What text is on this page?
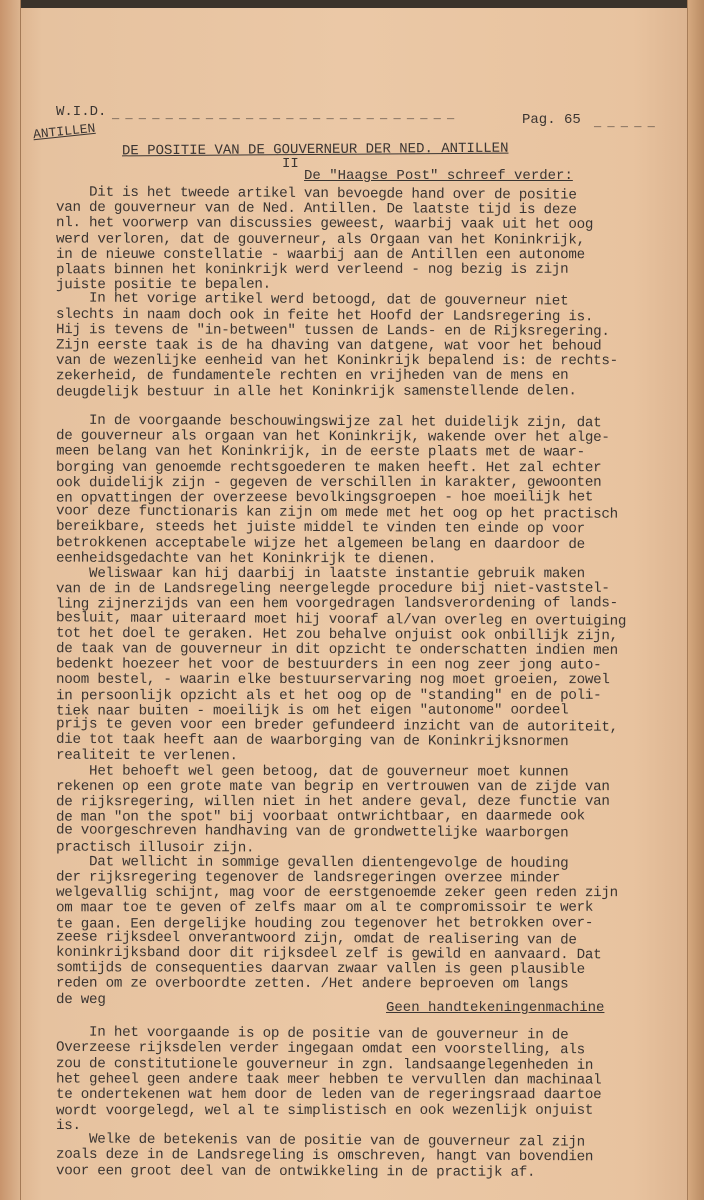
W.I.D. _ _ _ _ _ _ _ _ _ _ _ _ _ _ _ _ _ _ _ _ _ _ _ _ _ _	Pag. 65 _ _ _ _ _
ANTILLEN
DE POSITIE VAN DE GOUVERNEUR DER NED. ANTILLEN
II
De "Haagse Post" schreef verder:
Dit is het tweede artikel van bevoegde hand over de positie
van de gouverneur van de Ned. Antillen. De laatste tijd is deze
nl. het voorwerp van discussies geweest, waarbij vaak uit het oog
werd verloren, dat de gouverneur, als Orgaan van het Koninkrijk,
in de nieuwe constellatie - waarbij aan de Antillen een autonome
plaats binnen het koninkrijk werd verleend - nog bezig is zijn
juiste positie te bepalen.
In het vorige artikel werd betoogd, dat de gouverneur niet
slechts in naam doch ook in feite het Hoofd der Landsregering is.
Hij is tevens de "in-between" tussen de Lands- en de Rijksregering.
Zijn eerste taak is de ha dhaving van datgene, wat voor het behoud
van de wezenlijke eenheid van het Koninkrijk bepalend is: de rechts-
zekerheid, de fundamentele rechten en vrijheden van de mens en
deugdelijk bestuur in alle het Koninkrijk samenstellende delen.
In de voorgaande beschouwingswijze zal het duidelijk zijn, dat
de gouverneur als orgaan van het Koninkrijk, wakende over het alge-
meen belang van het Koninkrijk, in de eerste plaats met de waar-
borging van genoemde rechtsgoederen te maken heeft. Het zal echter
ook duidelijk zijn - gegeven de verschillen in karakter, gewoonten
en opvattingen der overzeese bevolkingsgroepen - hoe moeilijk het
voor deze functionaris kan zijn om mede met het oog op het practisch
bereikbare, steeds het juiste middel te vinden ten einde op voor
betrokkenen acceptabele wijze het algemeen belang en daardoor de
eenheidsgedachte van het Koninkrijk te dienen.
Weliswaar kan hij daarbij in laatste instantie gebruik maken
van de in de Landsregeling neergelegde procedure bij niet-vaststel-
ling zijnerzijds van een hem voorgedragen landsverordening of lands-
besluit, maar uiteraard moet hij vooraf al/van overleg en overtuiging
tot het doel te geraken. Het zou behalve onjuist ook onbillijk zijn,
de taak van de gouverneur in dit opzicht te onderschatten indien men
bedenkt hoezeer het voor de bestuurders in een nog zeer jong auto-
noom bestel, - waarin elke bestuurservaring nog moet groeien, zowel
in persoonlijk opzicht als et het oog op de "standing" en de poli-
tiek naar buiten - moeilijk is om het eigen "autonome" oordeel
prijs te geven voor een breder gefundeerd inzicht van de autoriteit,
die tot taak heeft aan de waarborging van de Koninkrijksnormen
realiteit te verlenen.
Het behoeft wel geen betoog, dat de gouverneur moet kunnen
rekenen op een grote mate van begrip en vertrouwen van de zijde van
de rijksregering, willen niet in het andere geval, deze functie van
de man "on the spot" bij voorbaat ontwrichtbaar, en daarmede ook
de voorgeschreven handhaving van de grondwettelijke waarborgen
practisch illusoir zijn.
Dat wellicht in sommige gevallen dientengevolge de houding
der rijksregering tegenover de landsregeringen overzee minder
welgevallig schijnt, mag voor de eerstgenoemde zeker geen reden zijn
om maar toe te geven of zelfs maar om al te compromissoir te werk
te gaan. Een dergelijke houding zou tegenover het betrokken over-
zeese rijksdeel onverantwoord zijn, omdat de realisering van de
koninkrijksband door dit rijksdeel zelf is gewild en aanvaard. Dat
somtijds de consequenties daarvan zwaar vallen is geen plausible
reden om ze overboordte zetten. /Het andere beproeven om langs
de weg
Geen handtekeningenmachine
In het voorgaande is op de positie van de gouverneur in de
Overzeese rijksdelen verder ingegaan omdat een voorstelling, als
zou de constitutionele gouverneur in zgn. landsaangelegenheden in
het geheel geen andere taak meer hebben te vervullen dan machinaal
te ondertekenen wat hem door de leden van de regeringsraad daartoe
wordt voorgelegd, wel al te simplistisch en ook wezenlijk onjuist
is.
Welke de betekenis van de positie van de gouverneur zal zijn
zoals deze in de Landsregeling is omschreven, hangt van bovendien
voor een groot deel van de ontwikkeling in de practijk af.
